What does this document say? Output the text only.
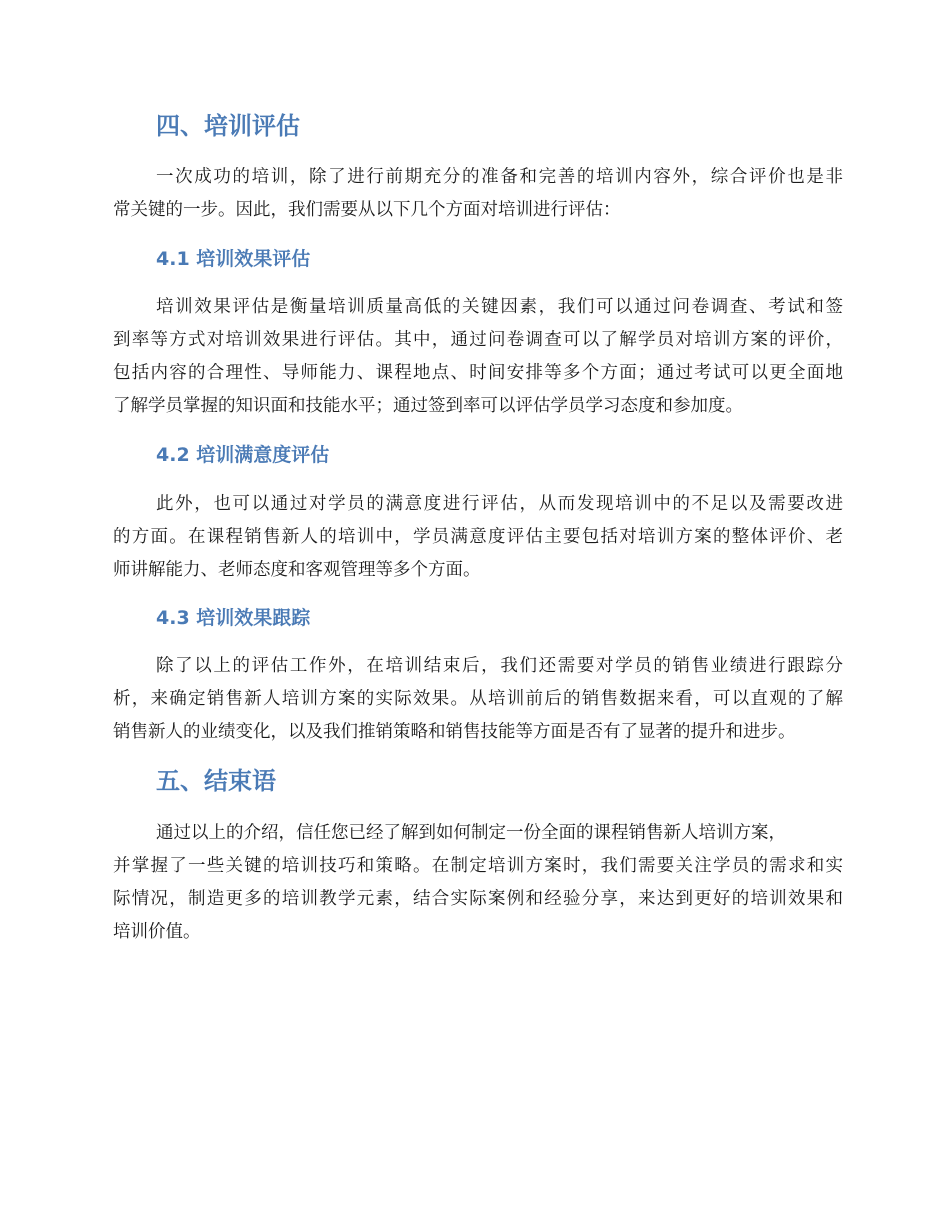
四、培训评估
一次成功的培训，除了进行前期充分的准备和完善的培训内容外，综合评价也是非
常关键的一步。因此，我们需要从以下几个方面对培训进行评估：
4.1 培训效果评估
培训效果评估是衡量培训质量高低的关键因素，我们可以通过问卷调查、考试和签
到率等方式对培训效果进行评估。其中，通过问卷调查可以了解学员对培训方案的评价，
包括内容的合理性、导师能力、课程地点、时间安排等多个方面；通过考试可以更全面地
了解学员掌握的知识面和技能水平；通过签到率可以评估学员学习态度和参加度。
4.2 培训满意度评估
此外，也可以通过对学员的满意度进行评估，从而发现培训中的不足以及需要改进
的方面。在课程销售新人的培训中，学员满意度评估主要包括对培训方案的整体评价、老
师讲解能力、老师态度和客观管理等多个方面。
4.3 培训效果跟踪
除了以上的评估工作外，在培训结束后，我们还需要对学员的销售业绩进行跟踪分
析，来确定销售新人培训方案的实际效果。从培训前后的销售数据来看，可以直观的了解
销售新人的业绩变化，以及我们推销策略和销售技能等方面是否有了显著的提升和进步。
五、结束语
通过以上的介绍，信任您已经了解到如何制定一份全面的课程销售新人培训方案，
并掌握了一些关键的培训技巧和策略。在制定培训方案时，我们需要关注学员的需求和实
际情况，制造更多的培训教学元素，结合实际案例和经验分享，来达到更好的培训效果和
培训价值。
